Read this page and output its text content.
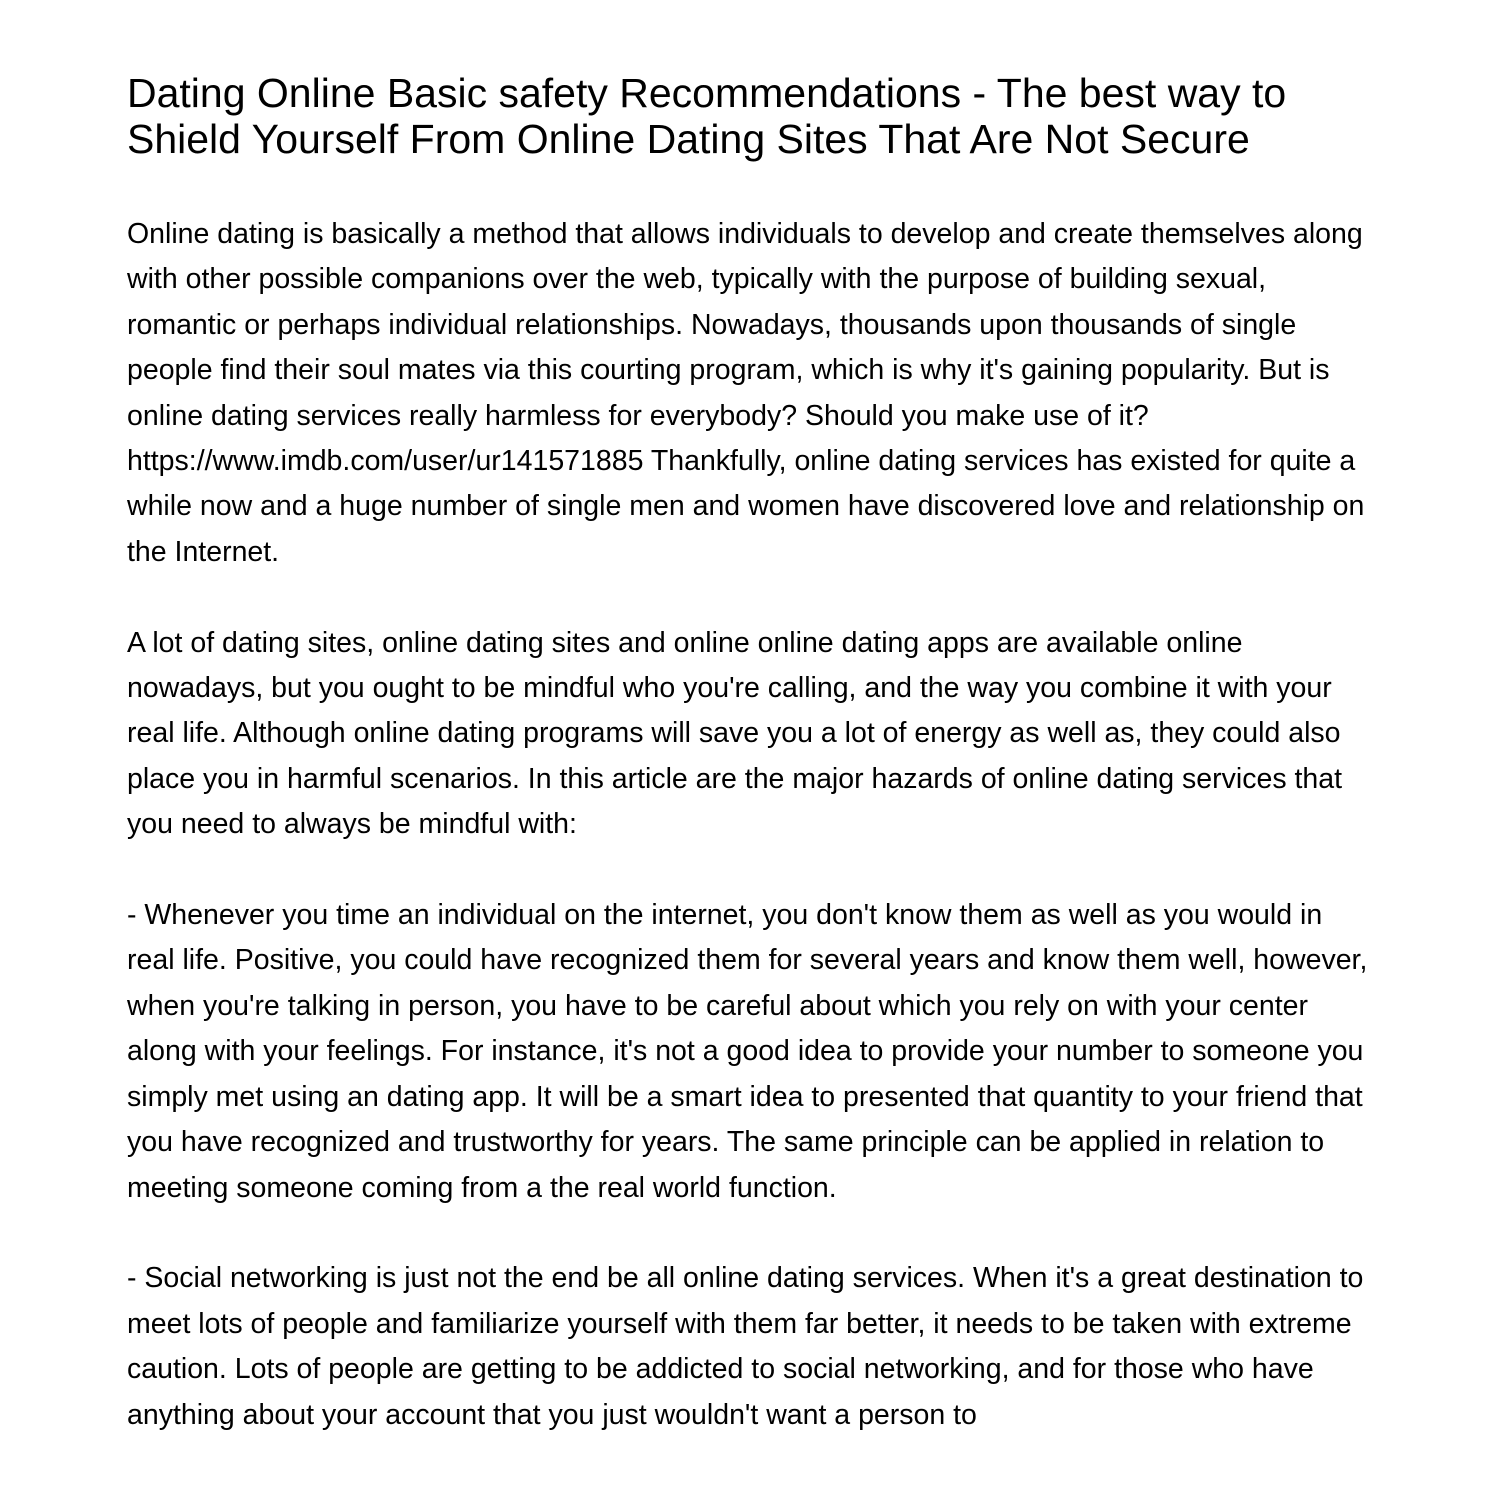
Dating Online Basic safety Recommendations - The best way to Shield Yourself From Online Dating Sites That Are Not Secure

Online dating is basically a method that allows individuals to develop and create themselves along with other possible companions over the web, typically with the purpose of building sexual, romantic or perhaps individual relationships. Nowadays, thousands upon thousands of single people find their soul mates via this courting program, which is why it's gaining popularity. But is online dating services really harmless for everybody? Should you make use of it? https://www.imdb.com/user/ur141571885 Thankfully, online dating services has existed for quite a while now and a huge number of single men and women have discovered love and relationship on the Internet.

A lot of dating sites, online dating sites and online online dating apps are available online nowadays, but you ought to be mindful who you're calling, and the way you combine it with your real life. Although online dating programs will save you a lot of energy as well as, they could also place you in harmful scenarios. In this article are the major hazards of online dating services that you need to always be mindful with:

- Whenever you time an individual on the internet, you don't know them as well as you would in real life. Positive, you could have recognized them for several years and know them well, however, when you're talking in person, you have to be careful about which you rely on with your center along with your feelings. For instance, it's not a good idea to provide your number to someone you simply met using an dating app. It will be a smart idea to presented that quantity to your friend that you have recognized and trustworthy for years. The same principle can be applied in relation to meeting someone coming from a the real world function.

- Social networking is just not the end be all online dating services. When it's a great destination to meet lots of people and familiarize yourself with them far better, it needs to be taken with extreme caution. Lots of people are getting to be addicted to social networking, and for those who have anything about your account that you just wouldn't want a person to
